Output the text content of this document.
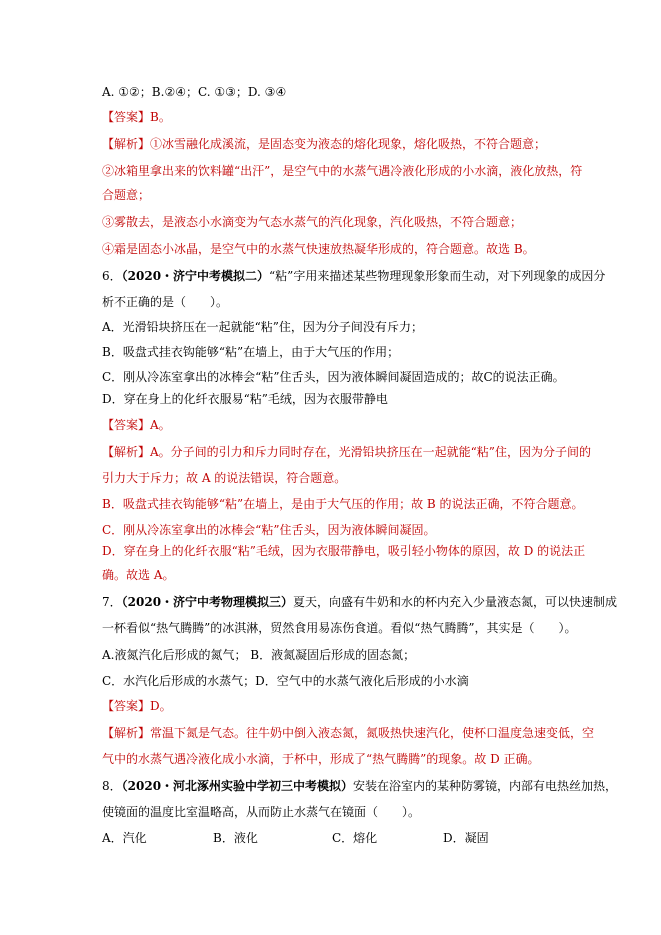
A. ①②；B.②④；C. ①③；D. ③④
【答案】B。
【解析】①冰雪融化成溪流，是固态变为液态的熔化现象，熔化吸热，不符合题意；
②冰箱里拿出来的饮料罐“出汗”，是空气中的水蒸气遇冷液化形成的小水滴，液化放热，符
合题意；
③雾散去，是液态小水滴变为气态水蒸气的汽化现象，汽化吸热，不符合题意；
④霜是固态小冰晶，是空气中的水蒸气快速放热凝华形成的，符合题意。故选 B。
6．（2020・济宁中考模拟二）“粘”字用来描述某些物理现象形象而生动，对下列现象的成因分
析不正确的是（　　）。
A．光滑铅块挤压在一起就能“粘”住，因为分子间没有斥力；
B．吸盘式挂衣钩能够“粘”在墙上，由于大气压的作用；
C．刚从冷冻室拿出的冰棒会“粘”住舌头，因为液体瞬间凝固造成的；故C的说法正确。
D．穿在身上的化纤衣服易“粘”毛绒，因为衣服带静电
【答案】A。
【解析】A。分子间的引力和斥力同时存在，光滑铅块挤压在一起就能“粘”住，因为分子间的
引力大于斥力；故 A 的说法错误，符合题意。
B．吸盘式挂衣钩能够“粘”在墙上，是由于大气压的作用；故 B 的说法正确，不符合题意。
C．刚从冷冻室拿出的冰棒会“粘”住舌头，因为液体瞬间凝固。
D．穿在身上的化纤衣服“粘”毛绒，因为衣服带静电，吸引轻小物体的原因，故 D 的说法正
确。故选 A。
7．（2020・济宁中考物理模拟三）夏天，向盛有牛奶和水的杯内充入少量液态氮，可以快速制成
一杯看似“热气腾腾”的冰淇淋，贸然食用易冻伤食道。看似“热气腾腾”，其实是（　　）。
A.液氮汽化后形成的氮气； B．液氮凝固后形成的固态氮；
C．水汽化后形成的水蒸气；D．空气中的水蒸气液化后形成的小水滴
【答案】D。
【解析】常温下氮是气态。往牛奶中倒入液态氮，氮吸热快速汽化，使杯口温度急速变低，空
气中的水蒸气遇冷液化成小水滴，于杯中，形成了“热气腾腾”的现象。故 D 正确。
8．（2020・河北涿州实验中学初三中考模拟）安装在浴室内的某种防雾镜，内部有电热丝加热，
使镜面的温度比室温略高，从而防止水蒸气在镜面（　　）。
A．汽化	B．液化	C．熔化	D．凝固
